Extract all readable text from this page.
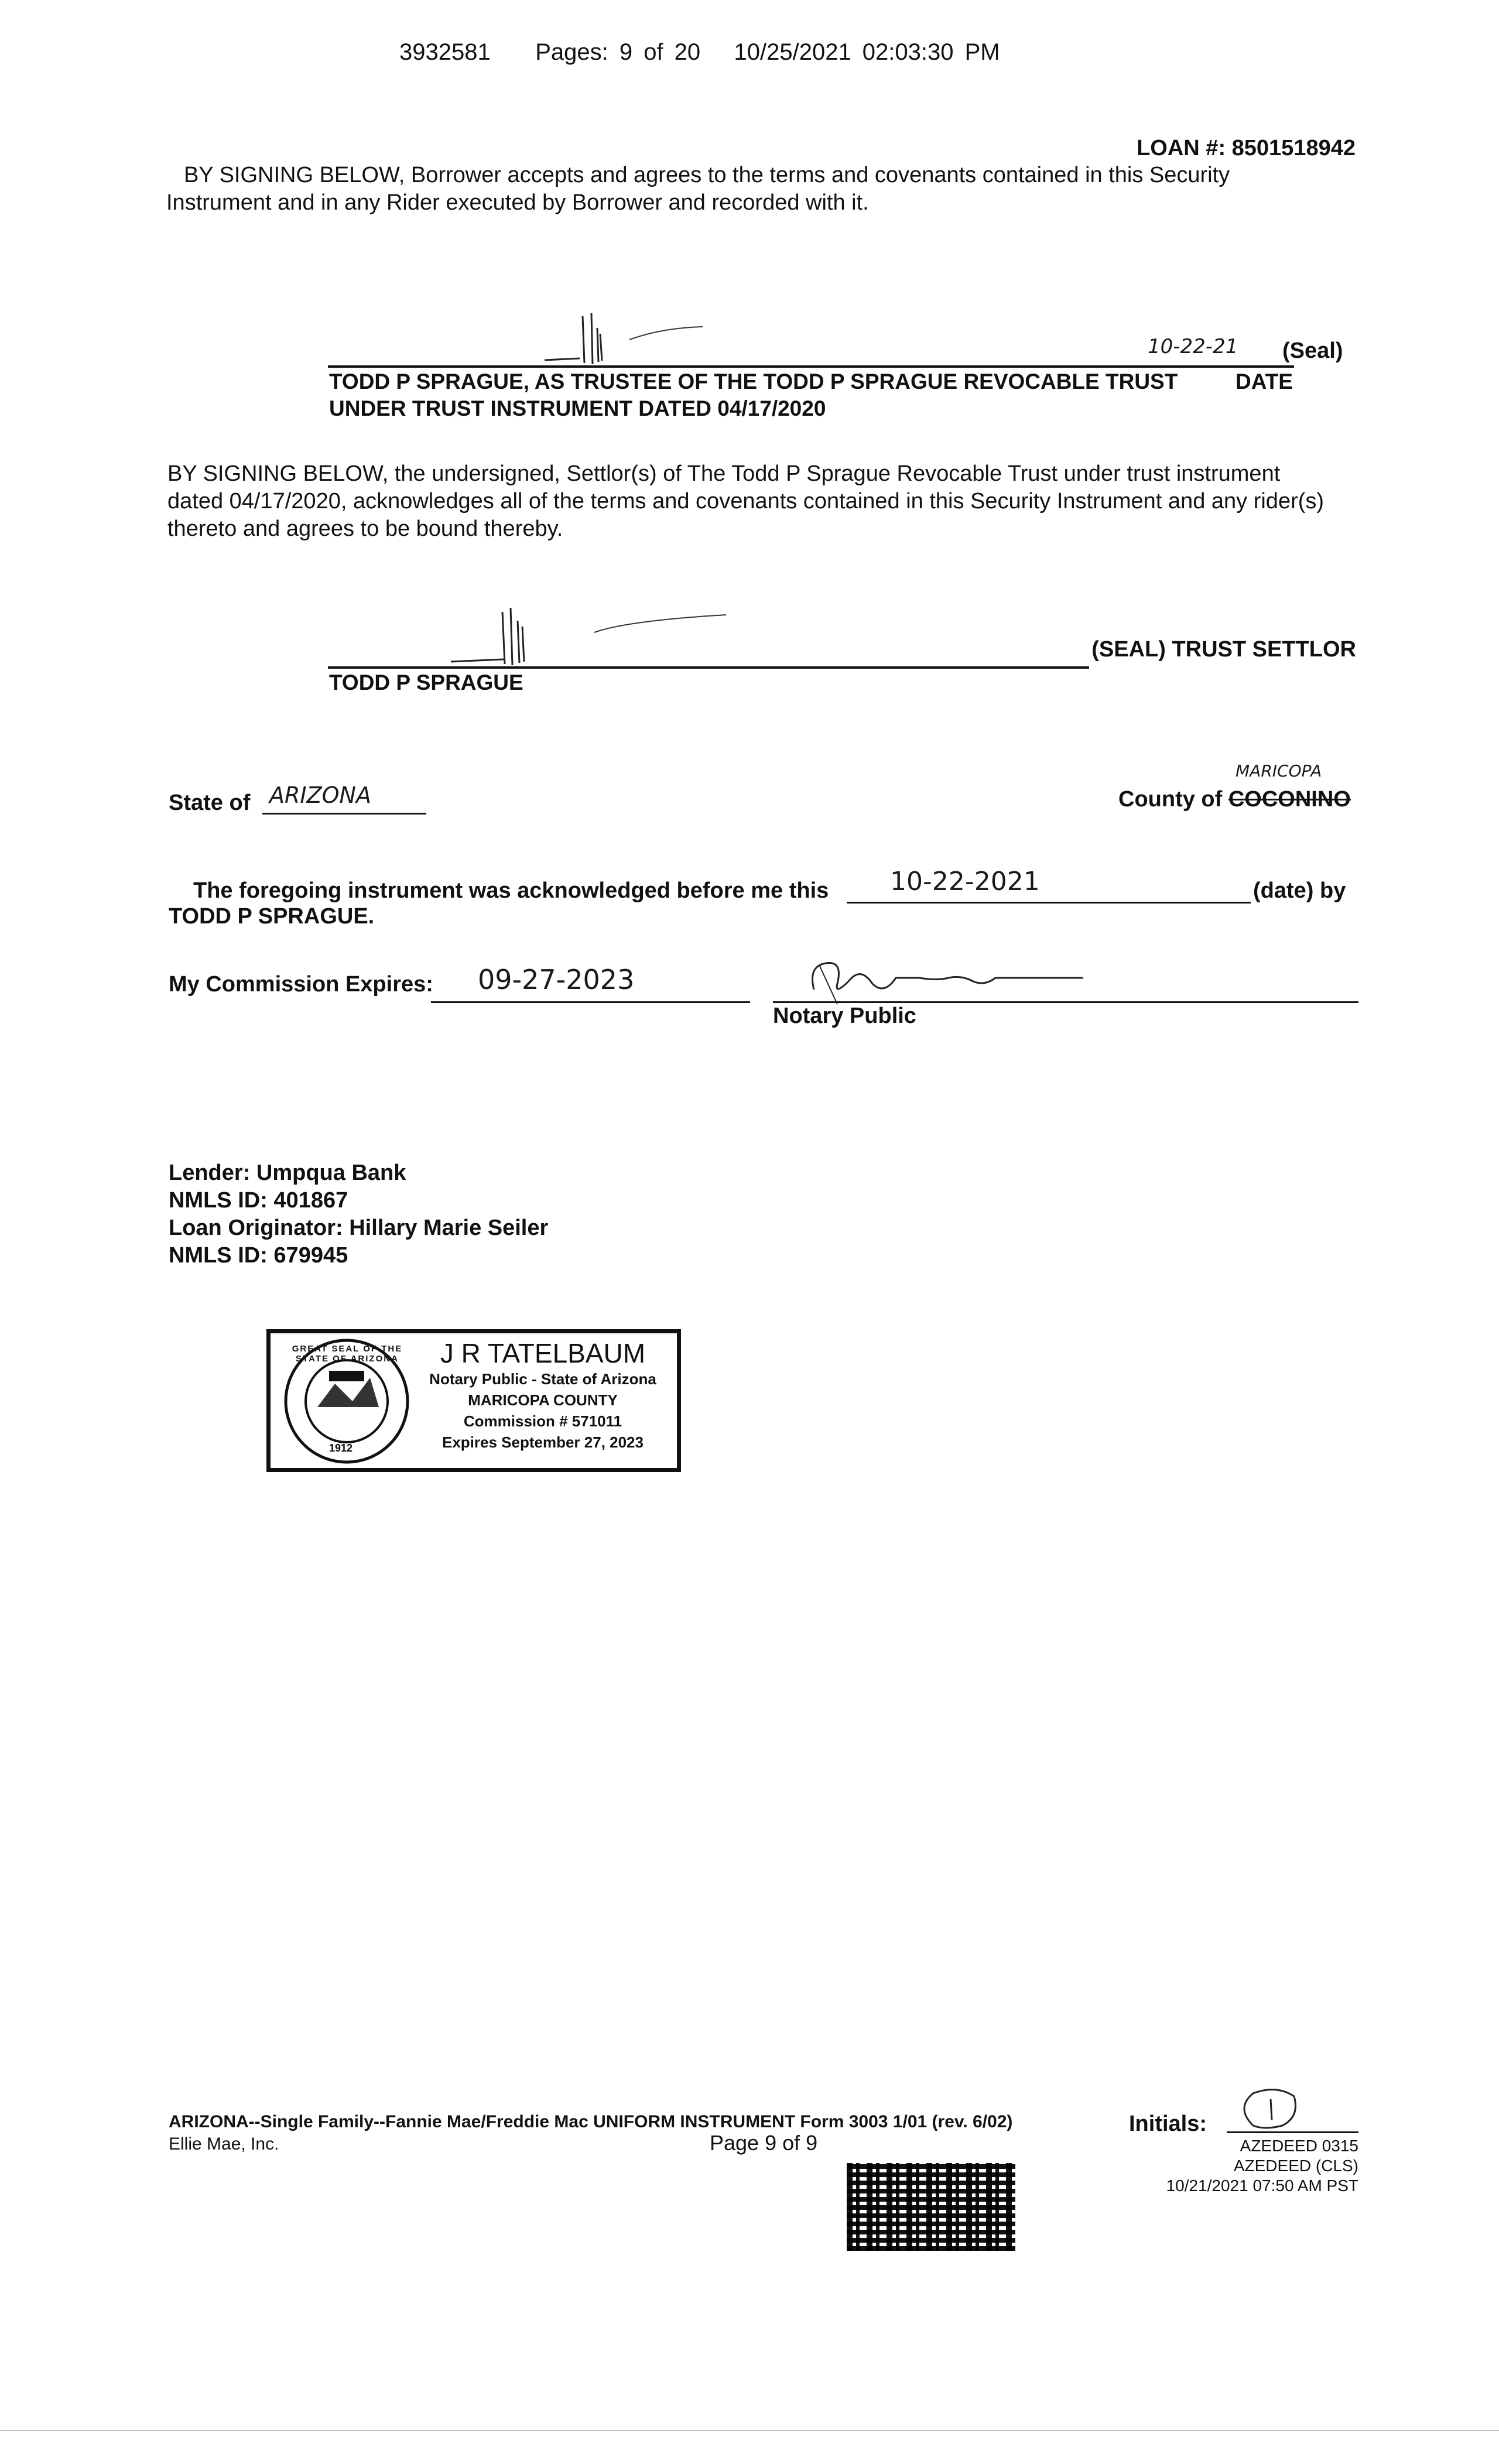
3932581 Pages: 9 of 20 10/25/2021 02:03:30 PM
LOAN #: 8501518942
BY SIGNING BELOW, Borrower accepts and agrees to the terms and covenants contained in this Security
Instrument and in any Rider executed by Borrower and recorded with it.
10-22-21 (Seal)
TODD P SPRAGUE, AS TRUSTEE OF THE TODD P SPRAGUE REVOCABLE TRUST	DATE
UNDER TRUST INSTRUMENT DATED 04/17/2020
BY SIGNING BELOW, the undersigned, Settlor(s) of The Todd P Sprague Revocable Trust under trust instrument
dated 04/17/2020, acknowledges all of the terms and covenants contained in this Security Instrument and any rider(s)
thereto and agrees to be bound thereby.
(SEAL) TRUST SETTLOR
TODD P SPRAGUE
State of ARIZONA
MARICOPA
County of COCONINO
The foregoing instrument was acknowledged before me this 10-22-2021	(date) by
TODD P SPRAGUE.
My Commission Expires: 09-27-2023
Notary Public
Lender: Umpqua Bank
NMLS ID: 401867
Loan Originator: Hillary Marie Seiler
NMLS ID: 679945
GREAT SEAL OF THE STATE OF ARIZONA
1912
J R TATELBAUM
Notary Public - State of Arizona
MARICOPA COUNTY
Commission # 571011
Expires September 27, 2023
ARIZONA--Single Family--Fannie Mae/Freddie Mac UNIFORM INSTRUMENT Form 3003 1/01 (rev. 6/02)
Ellie Mae, Inc.	Page 9 of 9
Initials:
AZEDEED 0315
AZEDEED (CLS)
10/21/2021 07:50 AM PST
